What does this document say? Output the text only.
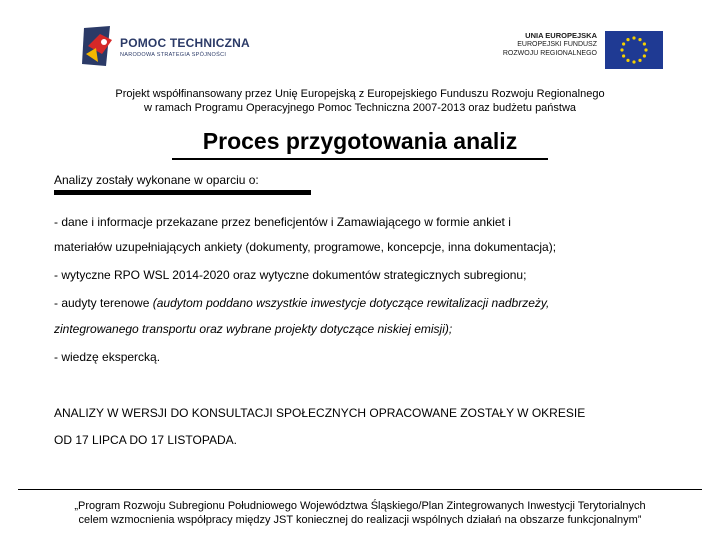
POMOC TECHNICZNA
NARODOWA STRATEGIA SPÓJNOŚCI
UNIA EUROPEJSKA
EUROPEJSKI FUNDUSZ
ROZWOJU REGIONALNEGO
Projekt współfinansowany przez Unię Europejską z Europejskiego Funduszu Rozwoju Regionalnego
w ramach Programu Operacyjnego Pomoc Techniczna 2007-2013 oraz budżetu państwa
Proces przygotowania analiz
Analizy zostały wykonane w oparciu o:
- dane i informacje przekazane przez beneficjentów i Zamawiającego w formie ankiet i
materiałów uzupełniających ankiety (dokumenty, programowe, koncepcje, inna dokumentacja);
- wytyczne RPO WSL 2014-2020 oraz wytyczne dokumentów strategicznych subregionu;
- audyty terenowe (audytom poddano wszystkie inwestycje dotyczące rewitalizacji nadbrzeży,
zintegrowanego transportu oraz wybrane projekty dotyczące niskiej emisji);
- wiedzę ekspercką.
ANALIZY W WERSJI DO KONSULTACJI SPOŁECZNYCH OPRACOWANE ZOSTAŁY W OKRESIE
OD 17 LIPCA DO 17 LISTOPADA.
„Program Rozwoju Subregionu Południowego Województwa Śląskiego/Plan Zintegrowanych Inwestycji Terytorialnych
celem wzmocnienia współpracy między JST koniecznej do realizacji wspólnych działań na obszarze funkcjonalnym”
